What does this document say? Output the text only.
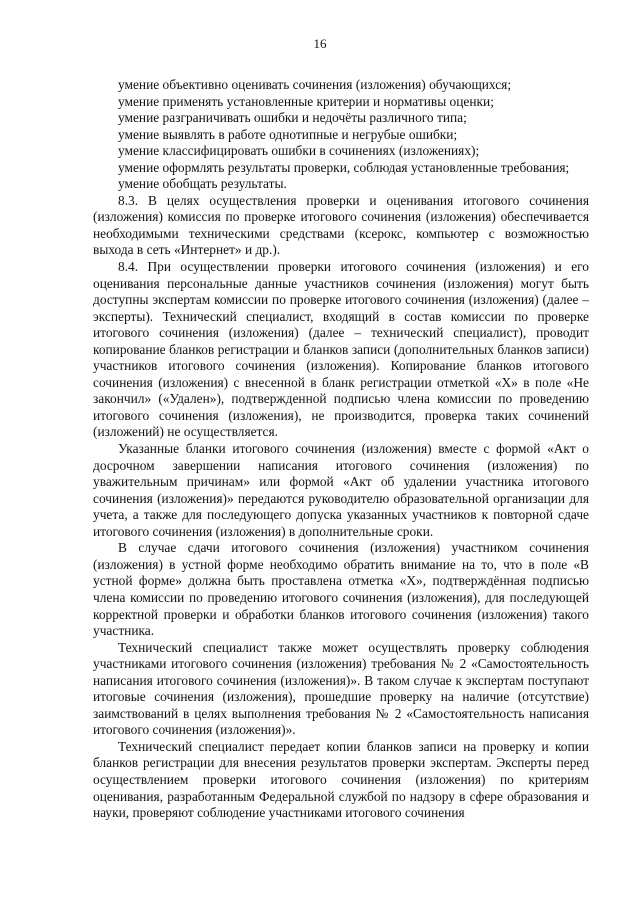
16

умение объективно оценивать сочинения (изложения) обучающихся;

умение применять установленные критерии и нормативы оценки;

умение разграничивать ошибки и недочёты различного типа;

умение выявлять в работе однотипные и негрубые ошибки;

умение классифицировать ошибки в сочинениях (изложениях);

умение оформлять результаты проверки, соблюдая установленные требования;

умение обобщать результаты.

8.3. В целях осуществления проверки и оценивания итогового сочинения (изложения) комиссия по проверке итогового сочинения (изложения) обеспечивается необходимыми техническими средствами (ксерокс, компьютер с возможностью выхода в сеть «Интернет» и др.).

8.4. При осуществлении проверки итогового сочинения (изложения) и его оценивания персональные данные участников сочинения (изложения) могут быть доступны экспертам комиссии по проверке итогового сочинения (изложения) (далее – эксперты). Технический специалист, входящий в состав комиссии по проверке итогового сочинения (изложения) (далее – технический специалист), проводит копирование бланков регистрации и бланков записи (дополнительных бланков записи) участников итогового сочинения (изложения). Копирование бланков итогового сочинения (изложения) с внесенной в бланк регистрации отметкой «Х» в поле «Не закончил» («Удален»), подтвержденной подписью члена комиссии по проведению итогового сочинения (изложения), не производится, проверка таких сочинений (изложений) не осуществляется.

Указанные бланки итогового сочинения (изложения) вместе с формой «Акт о досрочном завершении написания итогового сочинения (изложения) по уважительным причинам» или формой «Акт об удалении участника итогового сочинения (изложения)» передаются руководителю образовательной организации для учета, а также для последующего допуска указанных участников к повторной сдаче итогового сочинения (изложения) в дополнительные сроки.

В случае сдачи итогового сочинения (изложения) участником сочинения (изложения) в устной форме необходимо обратить внимание на то, что в поле «В устной форме» должна быть проставлена отметка «Х», подтверждённая подписью члена комиссии по проведению итогового сочинения (изложения), для последующей корректной проверки и обработки бланков итогового сочинения (изложения) такого участника.

Технический специалист также может осуществлять проверку соблюдения участниками итогового сочинения (изложения) требования № 2 «Самостоятельность написания итогового сочинения (изложения)». В таком случае к экспертам поступают итоговые сочинения (изложения), прошедшие проверку на наличие (отсутствие) заимствований в целях выполнения требования № 2 «Самостоятельность написания итогового сочинения (изложения)».

Технический специалист передает копии бланков записи на проверку и копии бланков регистрации для внесения результатов проверки экспертам. Эксперты перед осуществлением проверки итогового сочинения (изложения) по критериям оценивания, разработанным Федеральной службой по надзору в сфере образования и науки, проверяют соблюдение участниками итогового сочинения
